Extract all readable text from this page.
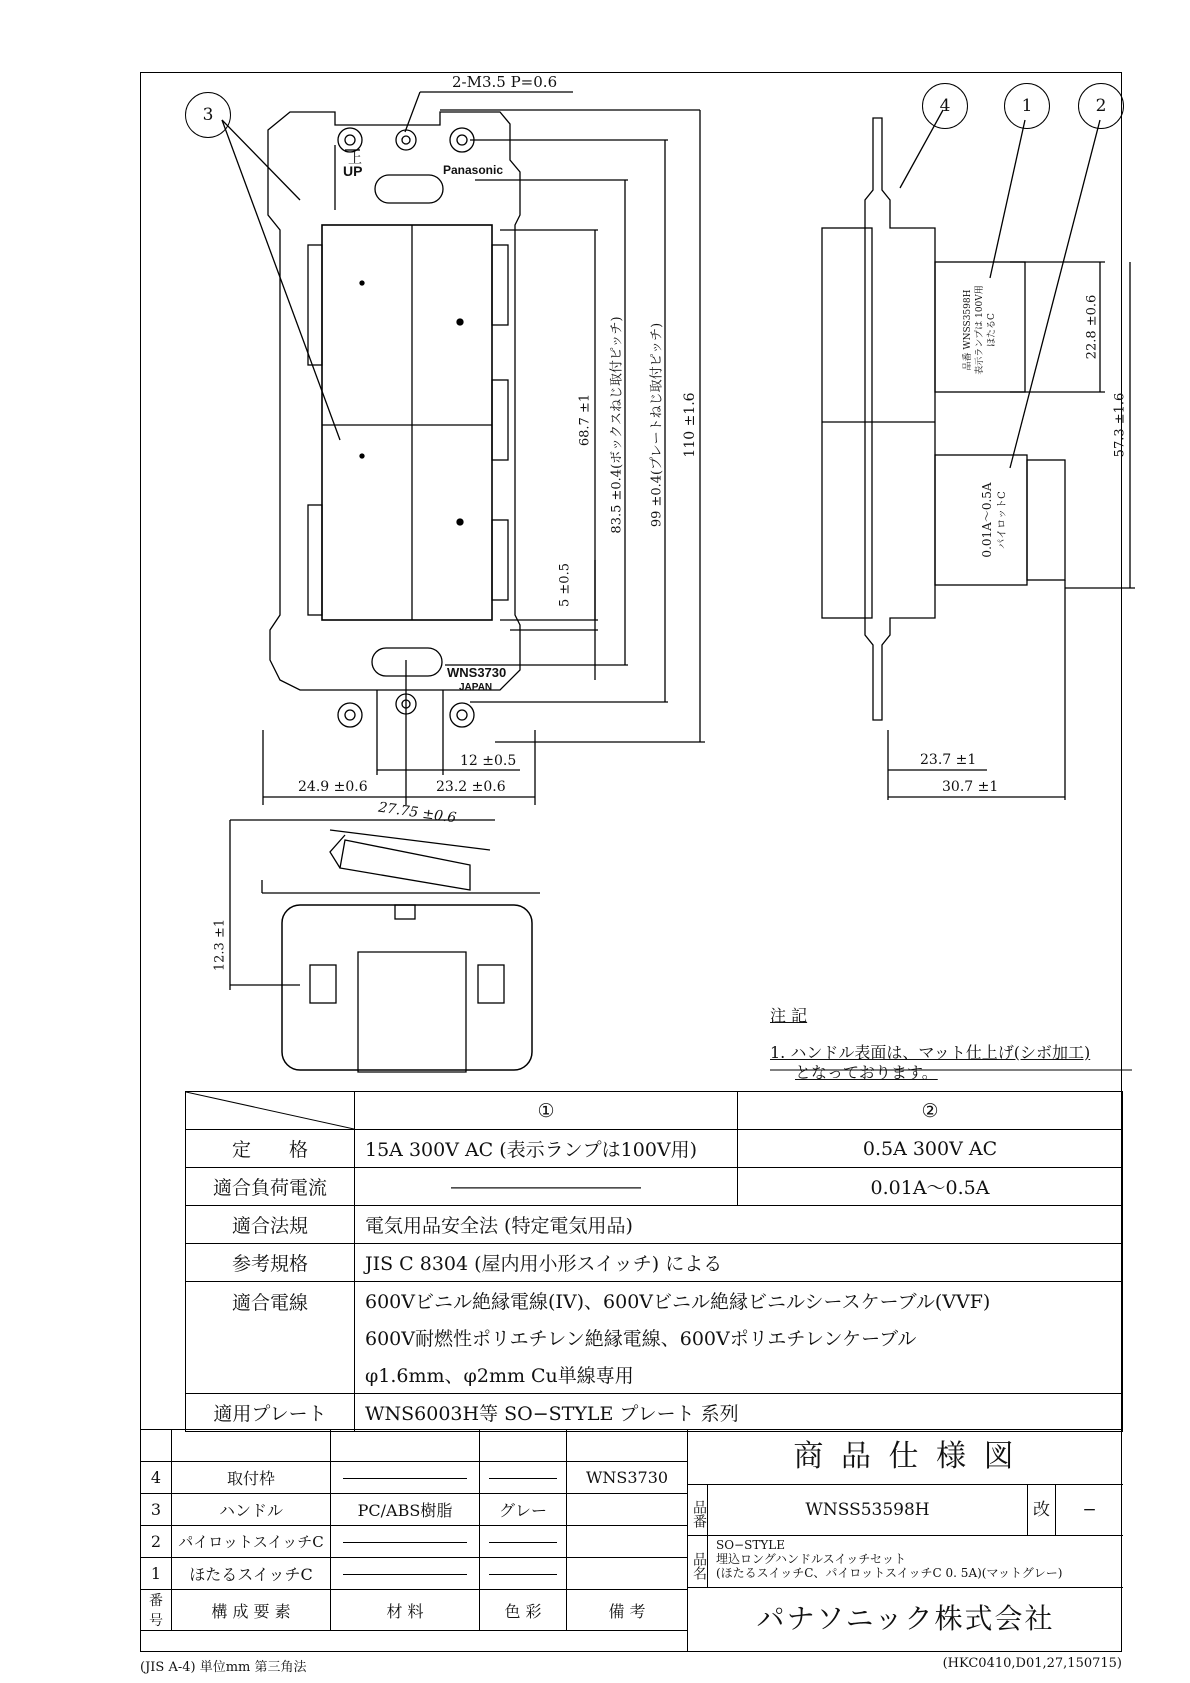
3	4	1	2
2-M3.5 P=0.6
上
UP	Panasonic
WNS3730
JAPAN
110 ±1.6
99 ±0.4(プレートねじ取付ピッチ)
83.5 ±0.4(ボックスねじ取付ピッチ)
68.7 ±1
5 ±0.5
12 ±0.5
24.9 ±0.6	23.2 ±0.6
27.75 ±0.6
12.3 ±1
23.7 ±1
30.7 ±1
22.8 ±0.6
57.3 ±1.6
品番 WNSS3598H 表示ランプは 100V用 ほたるC
0.01A〜0.5A パイロットC
注 記
1. ハンドル表面は、マット仕上げ(シボ加工)
となっております。
	①	②
定　　格	15A 300V AC (表示ランプは100V用)	0.5A 300V AC
適合負荷電流	――――――――――	0.01A〜0.5A
適合法規	電気用品安全法 (特定電気用品)	
参考規格	JIS C 8304 (屋内用小形スイッチ) による	
適合電線	600Vビニル絶縁電線(IV)、600Vビニル絶縁ビニルシースケーブル(VVF)	
	600V耐燃性ポリエチレン絶縁電線、600Vポリエチレンケーブル	
	φ1.6mm、φ2mm Cu単線専用	
適用プレート	WNS6003H等 SO−STYLE プレート 系列	

4	取付枠			WNS3730
3	ハンドル	PC/ABS樹脂	グレー	
2	パイロットスイッチC			
1	ほたるスイッチC			
番号	構 成 要 素	材 料	色 彩	備 考
商 品 仕 様 図
品番	WNSS53598H	改	−
品名
SO−STYLE
埋込ロングハンドルスイッチセット
(ほたるスイッチC、パイロットスイッチC 0. 5A)(マットグレー)
パナソニック株式会社
(JIS A-4) 単位mm 第三角法	(HKC0410,D01,27,150715)
